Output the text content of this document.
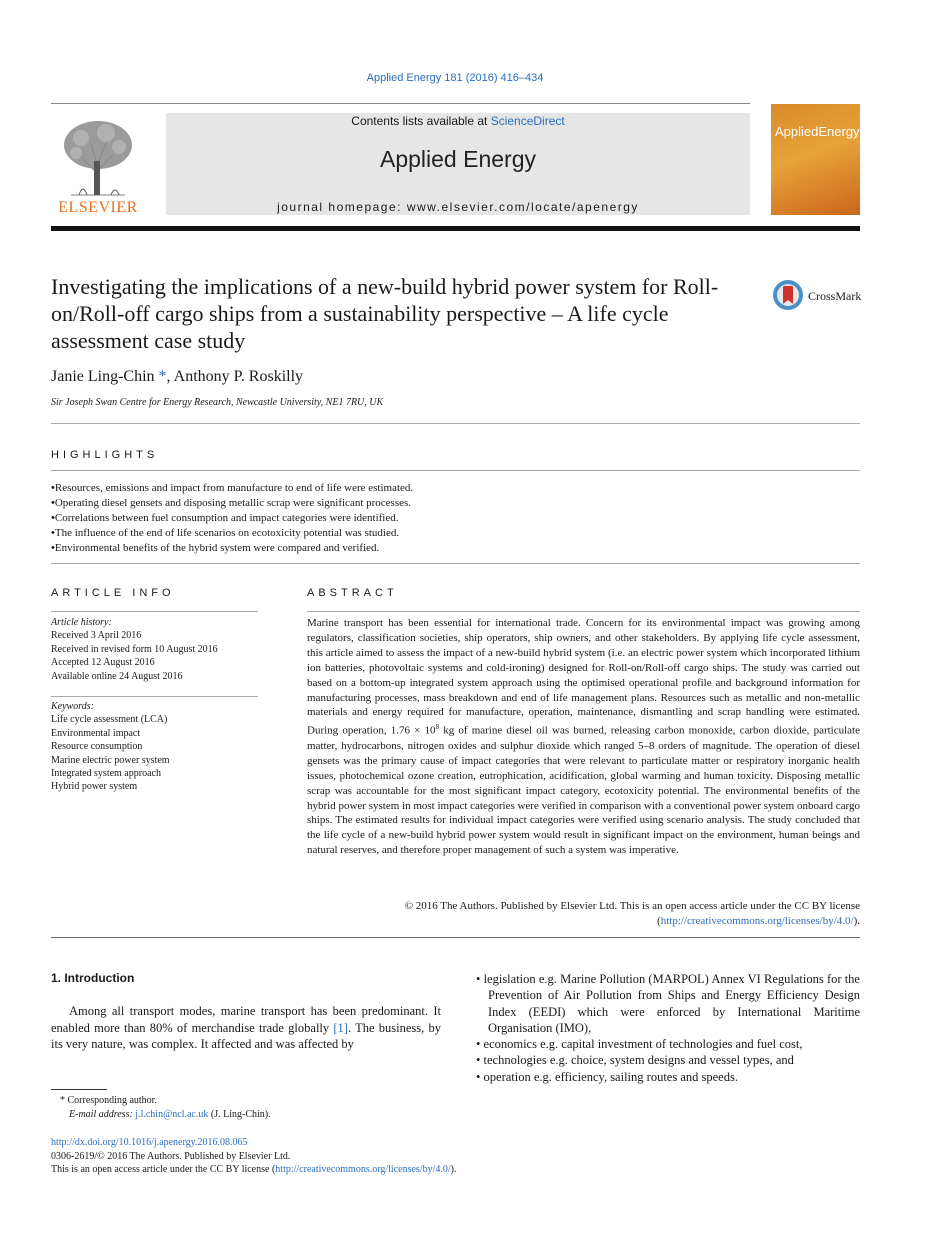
Applied Energy 181 (2016) 416–434
ELSEVIER
Contents lists available at ScienceDirect
Applied Energy
journal homepage: www.elsevier.com/locate/apenergy
AppliedEnergy
Investigating the implications of a new-build hybrid power system for Roll-on/Roll-off cargo ships from a sustainability perspective – A life cycle assessment case study
CrossMark
Janie Ling-Chin *, Anthony P. Roskilly
Sir Joseph Swan Centre for Energy Research, Newcastle University, NE1 7RU, UK
HIGHLIGHTS
• Resources, emissions and impact from manufacture to end of life were estimated.
• Operating diesel gensets and disposing metallic scrap were significant processes.
• Correlations between fuel consumption and impact categories were identified.
• The influence of the end of life scenarios on ecotoxicity potential was studied.
• Environmental benefits of the hybrid system were compared and verified.
ARTICLE INFO
Article history:
Received 3 April 2016
Received in revised form 10 August 2016
Accepted 12 August 2016
Available online 24 August 2016
Keywords:
Life cycle assessment (LCA)
Environmental impact
Resource consumption
Marine electric power system
Integrated system approach
Hybrid power system
ABSTRACT
Marine transport has been essential for international trade. Concern for its environmental impact was growing among regulators, classification societies, ship operators, ship owners, and other stakeholders. By applying life cycle assessment, this article aimed to assess the impact of a new-build hybrid system (i.e. an electric power system which incorporated lithium ion batteries, photovoltaic systems and cold-ironing) designed for Roll-on/Roll-off cargo ships. The study was carried out based on a bottom-up integrated system approach using the optimised operational profile and background information for manufacturing processes, mass breakdown and end of life management plans. Resources such as metallic and non-metallic materials and energy required for manufacture, operation, maintenance, dismantling and scrap handling were estimated. During operation, $1.76 \times 10^8$ kg of marine diesel oil was burned, releasing carbon monoxide, carbon dioxide, particulate matter, hydrocarbons, nitrogen oxides and sulphur dioxide which ranged 5–8 orders of magnitude. The operation of diesel gensets was the primary cause of impact categories that were relevant to particulate matter or respiratory inorganic health issues, photochemical ozone creation, eutrophication, acidification, global warming and human toxicity. Disposing metallic scrap was accountable for the most significant impact category, ecotoxicity potential. The environmental benefits of the hybrid power system in most impact categories were verified in comparison with a conventional power system onboard cargo ships. The estimated results for individual impact categories were verified using scenario analysis. The study concluded that the life cycle of a new-build hybrid power system would result in significant impact on the environment, human beings and natural reserves, and therefore proper management of such a system was imperative.
© 2016 The Authors. Published by Elsevier Ltd. This is an open access article under the CC BY license (http://creativecommons.org/licenses/by/4.0/).
1. Introduction
Among all transport modes, marine transport has been predominant. It enabled more than 80% of merchandise trade globally [1]. The business, by its very nature, was complex. It affected and was affected by
• legislation e.g. Marine Pollution (MARPOL) Annex VI Regulations for the Prevention of Air Pollution from Ships and Energy Efficiency Design Index (EEDI) which were enforced by International Maritime Organisation (IMO),
• economics e.g. capital investment of technologies and fuel cost,
• technologies e.g. choice, system designs and vessel types, and
• operation e.g. efficiency, sailing routes and speeds.
* Corresponding author.
E-mail address: j.l.chin@ncl.ac.uk (J. Ling-Chin).
http://dx.doi.org/10.1016/j.apenergy.2016.08.065
0306-2619/© 2016 The Authors. Published by Elsevier Ltd.
This is an open access article under the CC BY license (http://creativecommons.org/licenses/by/4.0/).
